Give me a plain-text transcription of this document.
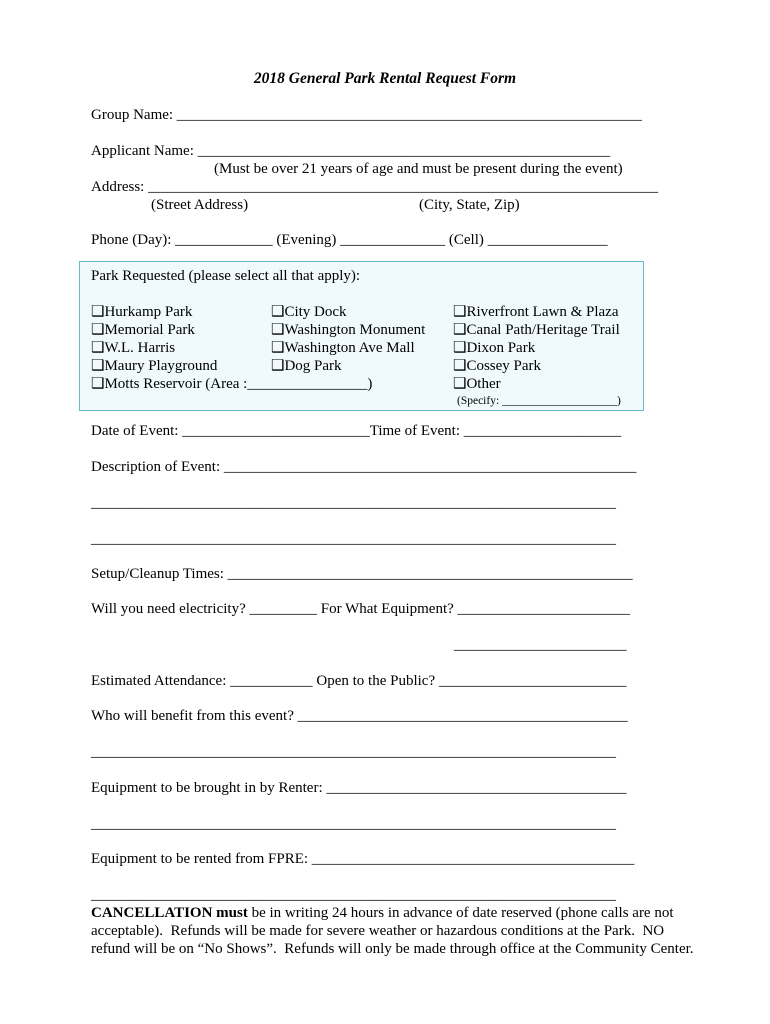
2018 General Park Rental Request Form
Group Name: ______________________________________________________________
Applicant Name: _______________________________________________________
(Must be over 21 years of age and must be present during the event)
Address: ____________________________________________________________________
(Street Address)	(City, State, Zip)
Phone (Day): _____________ (Evening) ______________ (Cell) ________________
Park Requested (please select all that apply):
❑Hurkamp Park
❑Memorial Park
❑W.L. Harris
❑Maury Playground
❑Motts Reservoir (Area :________________)
❑City Dock
❑Washington Monument
❑Washington Ave Mall
❑Dog Park
❑Riverfront Lawn & Plaza
❑Canal Path/Heritage Trail
❑Dixon Park
❑Cossey Park
❑Other
(Specify: ____________________)
Date of Event: _________________________Time of Event: _____________________
Description of Event: _______________________________________________________
______________________________________________________________________
______________________________________________________________________
Setup/Cleanup Times: ______________________________________________________
Will you need electricity? _________ For What Equipment? _______________________
_______________________
Estimated Attendance: ___________ Open to the Public? _________________________
Who will benefit from this event? ____________________________________________
______________________________________________________________________
Equipment to be brought in by Renter: ________________________________________
______________________________________________________________________
Equipment to be rented from FPRE: ___________________________________________
______________________________________________________________________
CANCELLATION must be in writing 24 hours in advance of date reserved (phone calls are not
acceptable).  Refunds will be made for severe weather or hazardous conditions at the Park.  NO
refund will be on “No Shows”.  Refunds will only be made through office at the Community Center.
